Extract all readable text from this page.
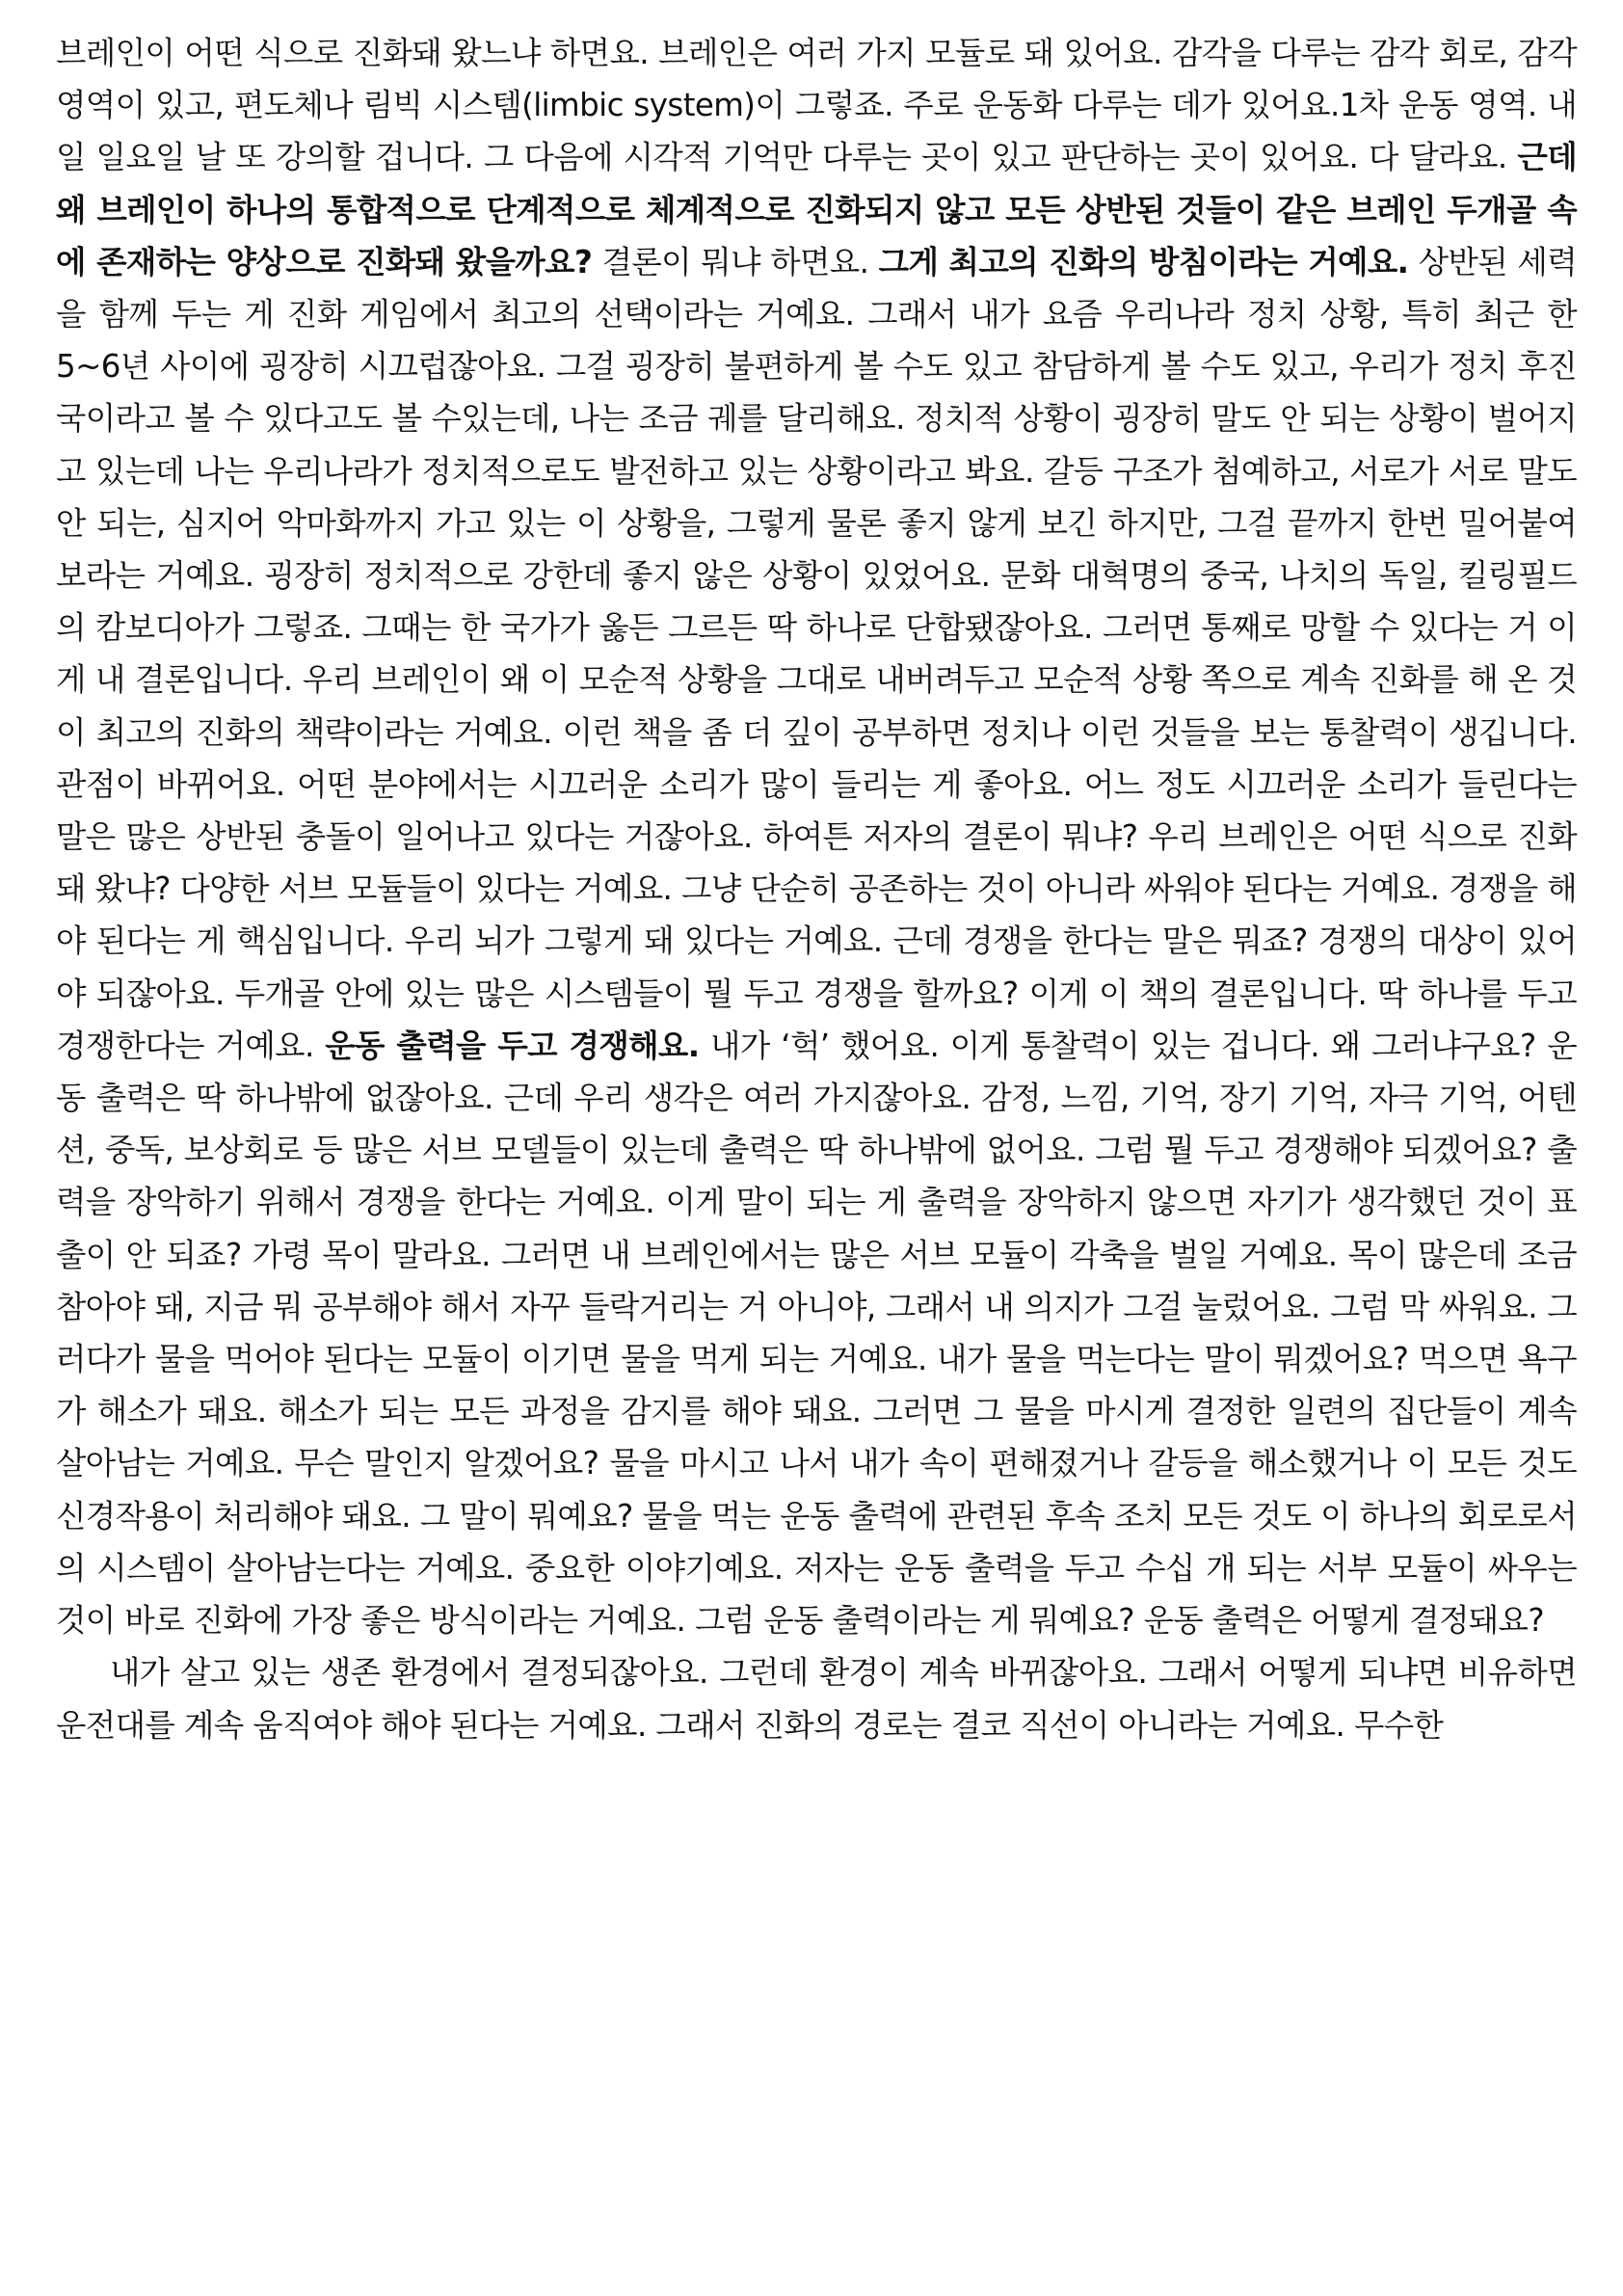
브레인이 어떤 식으로 진화돼 왔느냐 하면요. 브레인은 여러 가지 모듈로 돼 있어요. 감각을 다루는 감각 회로, 감각 영역이 있고, 편도체나 림빅 시스템(limbic system)이 그렇죠. 주로 운동화 다루는 데가 있어요.1차 운동 영역. 내일 일요일 날 또 강의할 겁니다. 그 다음에 시각적 기억만 다루는 곳이 있고 판단하는 곳이 있어요. 다 달라요. 근데 왜 브레인이 하나의 통합적으로 단계적으로 체계적으로 진화되지 않고 모든 상반된 것들이 같은 브레인 두개골 속에 존재하는 양상으로 진화돼 왔을까요? 결론이 뭐냐 하면요. 그게 최고의 진화의 방침이라는 거예요. 상반된 세력을 함께 두는 게 진화 게임에서 최고의 선택이라는 거예요. 그래서 내가 요즘 우리나라 정치 상황, 특히 최근 한 5~6년 사이에 굉장히 시끄럽잖아요. 그걸 굉장히 불편하게 볼 수도 있고 참담하게 볼 수도 있고, 우리가 정치 후진국이라고 볼 수 있다고도 볼 수있는데, 나는 조금 궤를 달리해요. 정치적 상황이 굉장히 말도 안 되는 상황이 벌어지고 있는데 나는 우리나라가 정치적으로도 발전하고 있는 상황이라고 봐요. 갈등 구조가 첨예하고, 서로가 서로 말도 안 되는, 심지어 악마화까지 가고 있는 이 상황을, 그렇게 물론 좋지 않게 보긴 하지만, 그걸 끝까지 한번 밀어붙여보라는 거예요. 굉장히 정치적으로 강한데 좋지 않은 상황이 있었어요. 문화 대혁명의 중국, 나치의 독일, 킬링필드의 캄보디아가 그렇죠. 그때는 한 국가가 옳든 그르든 딱 하나로 단합됐잖아요. 그러면 통째로 망할 수 있다는 거 이게 내 결론입니다. 우리 브레인이 왜 이 모순적 상황을 그대로 내버려두고 모순적 상황 쪽으로 계속 진화를 해 온 것이 최고의 진화의 책략이라는 거예요. 이런 책을 좀 더 깊이 공부하면 정치나 이런 것들을 보는 통찰력이 생깁니다. 관점이 바뀌어요. 어떤 분야에서는 시끄러운 소리가 많이 들리는 게 좋아요. 어느 정도 시끄러운 소리가 들린다는 말은 많은 상반된 충돌이 일어나고 있다는 거잖아요. 하여튼 저자의 결론이 뭐냐? 우리 브레인은 어떤 식으로 진화돼 왔냐? 다양한 서브 모듈들이 있다는 거예요. 그냥 단순히 공존하는 것이 아니라 싸워야 된다는 거예요. 경쟁을 해야 된다는 게 핵심입니다. 우리 뇌가 그렇게 돼 있다는 거예요. 근데 경쟁을 한다는 말은 뭐죠? 경쟁의 대상이 있어야 되잖아요. 두개골 안에 있는 많은 시스템들이 뭘 두고 경쟁을 할까요? 이게 이 책의 결론입니다. 딱 하나를 두고 경쟁한다는 거예요. 운동 출력을 두고 경쟁해요. 내가 ‘헉’ 했어요. 이게 통찰력이 있는 겁니다. 왜 그러냐구요? 운동 출력은 딱 하나밖에 없잖아요. 근데 우리 생각은 여러 가지잖아요. 감정, 느낌, 기억, 장기 기억, 자극 기억, 어텐션, 중독, 보상회로 등 많은 서브 모델들이 있는데 출력은 딱 하나밖에 없어요. 그럼 뭘 두고 경쟁해야 되겠어요? 출력을 장악하기 위해서 경쟁을 한다는 거예요. 이게 말이 되는 게 출력을 장악하지 않으면 자기가 생각했던 것이 표출이 안 되죠? 가령 목이 말라요. 그러면 내 브레인에서는 많은 서브 모듈이 각축을 벌일 거예요. 목이 많은데 조금 참아야 돼, 지금 뭐 공부해야 해서 자꾸 들락거리는 거 아니야, 그래서 내 의지가 그걸 눌렀어요. 그럼 막 싸워요. 그러다가 물을 먹어야 된다는 모듈이 이기면 물을 먹게 되는 거예요. 내가 물을 먹는다는 말이 뭐겠어요? 먹으면 욕구가 해소가 돼요. 해소가 되는 모든 과정을 감지를 해야 돼요. 그러면 그 물을 마시게 결정한 일련의 집단들이 계속 살아남는 거예요. 무슨 말인지 알겠어요? 물을 마시고 나서 내가 속이 편해졌거나 갈등을 해소했거나 이 모든 것도 신경작용이 처리해야 돼요. 그 말이 뭐예요? 물을 먹는 운동 출력에 관련된 후속 조치 모든 것도 이 하나의 회로로서 의 시스템이 살아남는다는 거예요. 중요한 이야기예요. 저자는 운동 출력을 두고 수십 개 되는 서부 모듈이 싸우는 것이 바로 진화에 가장 좋은 방식이라는 거예요. 그럼 운동 출력이라는 게 뭐예요? 운동 출력은 어떻게 결정돼요?

내가 살고 있는 생존 환경에서 결정되잖아요. 그런데 환경이 계속 바뀌잖아요. 그래서 어떻게 되냐면 비유하면 운전대를 계속 움직여야 해야 된다는 거예요. 그래서 진화의 경로는 결코 직선이 아니라는 거예요. 무수한
